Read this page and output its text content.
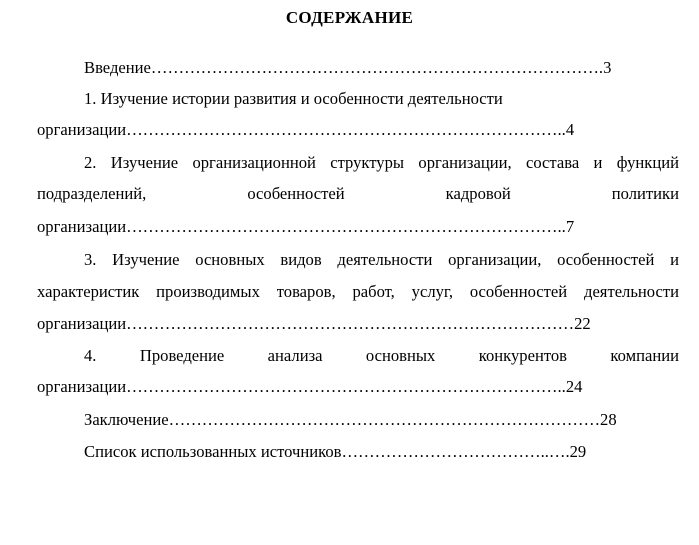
СОДЕРЖАНИЕ
Введение……………………………………………………………………….3
1. Изучение истории развития и особенности деятельности
организации……………………………………………………………………..4
2. Изучение организационной структуры организации, состава и функций
подразделений, особенностей кадровой политики
организации……………………………………………………………………..7
3. Изучение основных видов деятельности организации, особенностей и
характеристик производимых товаров, работ, услуг, особенностей деятельности
организации………………………………………………………………………22
4. Проведение анализа основных конкурентов компании
организации……………………………………………………………………..24
Заключение……………………………………………………………………28
Список использованных источников………………………………..….29
